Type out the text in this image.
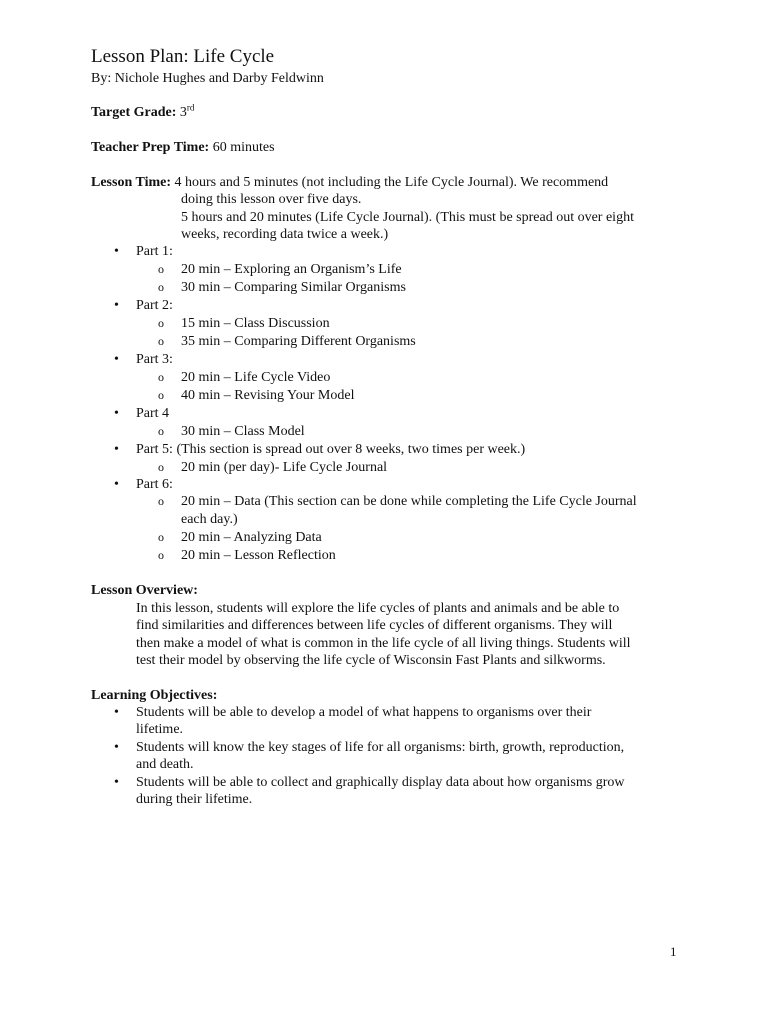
Lesson Plan: Life Cycle
By: Nichole Hughes and Darby Feldwinn
Target Grade: 3rd
Teacher Prep Time: 60 minutes
Lesson Time: 4 hours and 5 minutes (not including the Life Cycle Journal). We recommend
doing this lesson over five days.
5 hours and 20 minutes (Life Cycle Journal). (This must be spread out over eight
weeks, recording data twice a week.)
• Part 1:
o 20 min – Exploring an Organism’s Life
o 30 min – Comparing Similar Organisms
• Part 2:
o 15 min – Class Discussion
o 35 min – Comparing Different Organisms
• Part 3:
o 20 min – Life Cycle Video
o 40 min – Revising Your Model
• Part 4
o 30 min – Class Model
• Part 5: (This section is spread out over 8 weeks, two times per week.)
o 20 min (per day)- Life Cycle Journal
• Part 6:
o 20 min – Data (This section can be done while completing the Life Cycle Journal
each day.)
o 20 min – Analyzing Data
o 20 min – Lesson Reflection
Lesson Overview:
In this lesson, students will explore the life cycles of plants and animals and be able to
find similarities and differences between life cycles of different organisms. They will
then make a model of what is common in the life cycle of all living things. Students will
test their model by observing the life cycle of Wisconsin Fast Plants and silkworms.
Learning Objectives:
• Students will be able to develop a model of what happens to organisms over their
lifetime.
• Students will know the key stages of life for all organisms: birth, growth, reproduction,
and death.
• Students will be able to collect and graphically display data about how organisms grow
during their lifetime.
1
